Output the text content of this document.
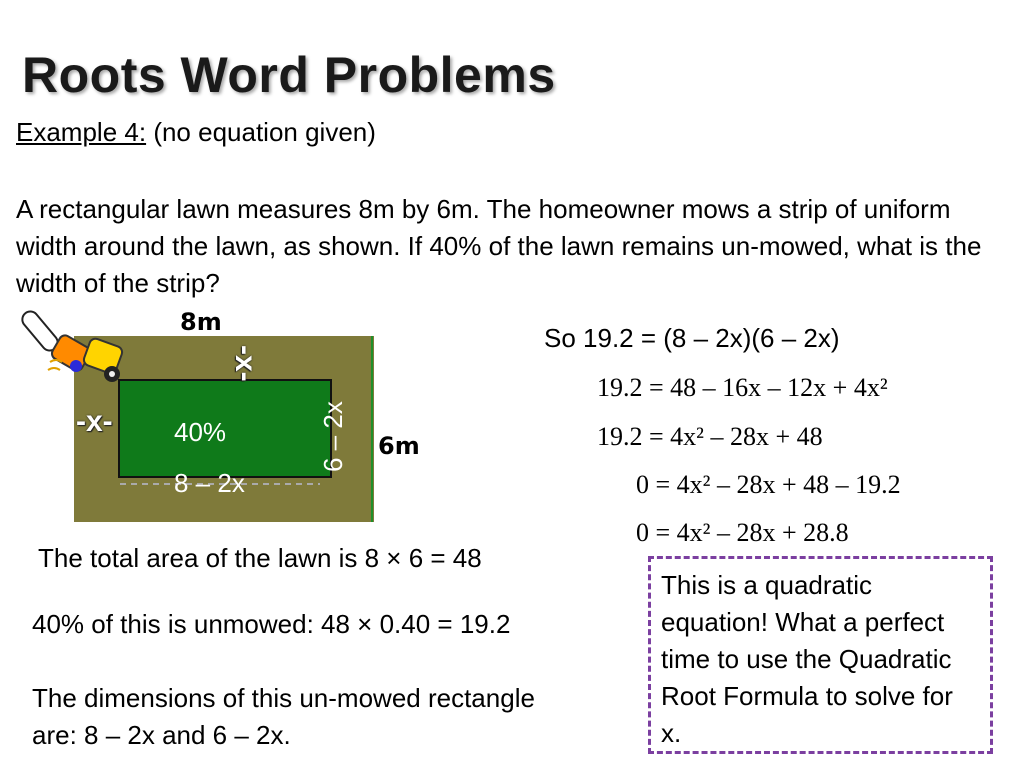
Roots Word Problems
Example 4: (no equation given)
A rectangular lawn measures 8m by 6m. The homeowner mows a strip of uniform width around the lawn, as shown. If 40% of the lawn remains un-mowed, what is the width of the strip?
8m
6m
-x-
-x- 40%
8 – 2x
6 – 2x
So 19.2 = (8 – 2x)(6 – 2x)
19.2 = 48 – 16x – 12x + 4x²
19.2 = 4x² – 28x + 48
0 = 4x² – 28x + 48 – 19.2
0 = 4x² – 28x + 28.8
The total area of the lawn is 8 × 6 = 48
40% of this is unmowed: 48 × 0.40 = 19.2
The dimensions of this un-mowed rectangle are: 8 – 2x and 6 – 2x.
This is a quadratic equation! What a perfect time to use the Quadratic Root Formula to solve for x.
